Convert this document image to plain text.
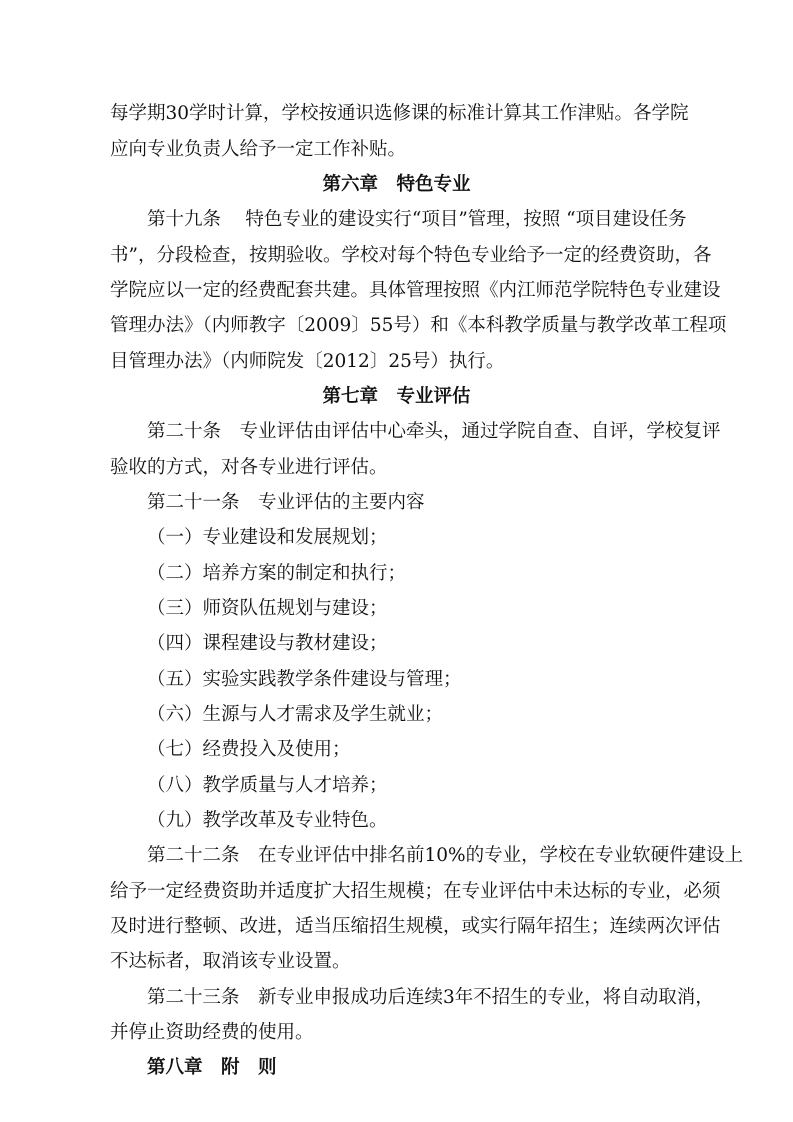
每学期30学时计算，学校按通识选修课的标准计算其工作津贴。各学院
应向专业负责人给予一定工作补贴。
第六章　特色专业
第十九条　 特色专业的建设实行“项目”管理，按照 “项目建设任务
书”，分段检查，按期验收。学校对每个特色专业给予一定的经费资助，各
学院应以一定的经费配套共建。具体管理按照《内江师范学院特色专业建设
管理办法》（内师教字〔2009〕55号）和《本科教学质量与教学改革工程项
目管理办法》（内师院发〔2012〕25号）执行。
第七章　专业评估
第二十条　专业评估由评估中心牵头，通过学院自查、自评，学校复评
验收的方式，对各专业进行评估。
第二十一条　专业评估的主要内容
（一）专业建设和发展规划；
（二）培养方案的制定和执行；
（三）师资队伍规划与建设；
（四）课程建设与教材建设；
（五）实验实践教学条件建设与管理；
（六）生源与人才需求及学生就业；
（七）经费投入及使用；
（八）教学质量与人才培养；
（九）教学改革及专业特色。
第二十二条　在专业评估中排名前10%的专业，学校在专业软硬件建设上
给予一定经费资助并适度扩大招生规模；在专业评估中未达标的专业，必须
及时进行整顿、改进，适当压缩招生规模，或实行隔年招生；连续两次评估
不达标者，取消该专业设置。
第二十三条　新专业申报成功后连续3年不招生的专业，将自动取消，
并停止资助经费的使用。
第八章　附　则
